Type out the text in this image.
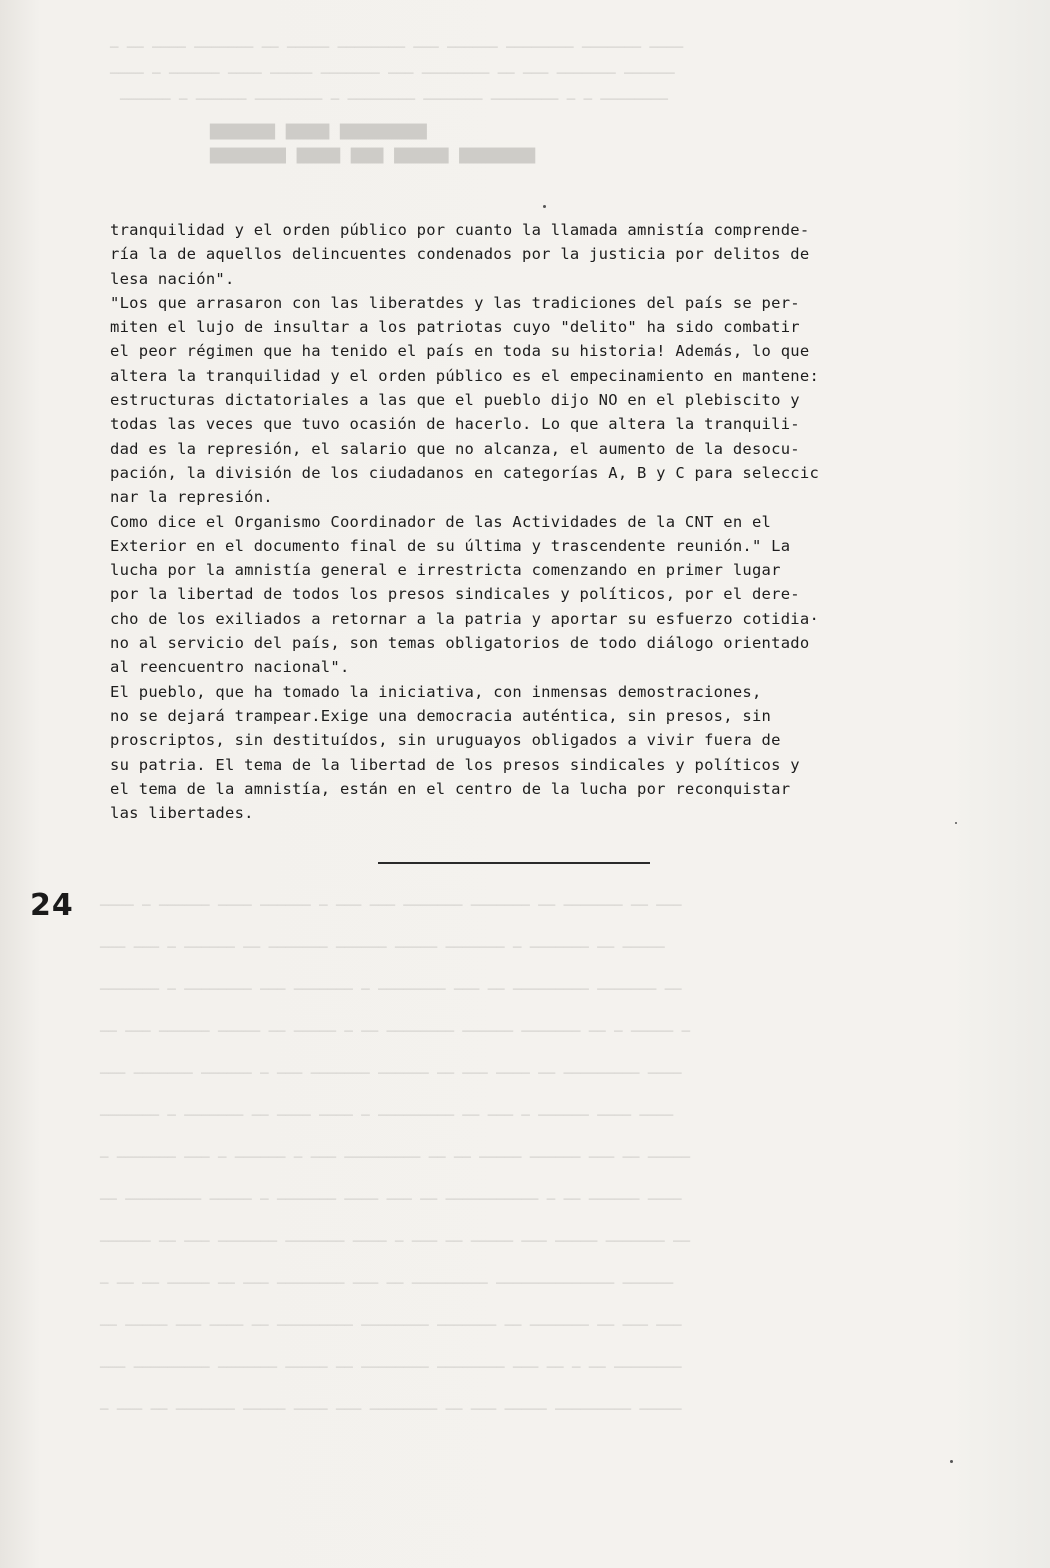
▆▆▆▆▆▆ ▆▆▆▆ ▆▆▆▆▆▆▆▆
▆▆▆▆▆▆▆ ▆▆▆▆ ▆▆▆ ▆▆▆▆▆ ▆▆▆▆▆▆▆
─ ── ──── ─────── ── ───── ──────── ─── ────── ──────── ─────── ────
──── ─ ────── ──── ───── ─────── ─── ──────── ── ─── ─────── ──────
────── ─ ────── ──────── ─ ──────── ─────── ──────── ─ ─ ────────
──── ─ ────── ──── ────── ─ ─── ─── ─────── ─────── ── ─────── ── ───
─── ─── ─ ────── ── ─────── ────── ───── ─────── ─ ─────── ── ─────
─────── ─ ──────── ─── ─────── ─ ──────── ─── ── ───────── ─────── ──
── ─── ────── ───── ── ───── ─ ── ──────── ────── ─────── ── ─ ───── ─
─── ─────── ────── ─ ─── ─────── ────── ── ─── ──── ── ───────── ────
─────── ─ ─────── ── ──── ──── ─ ───────── ── ─── ─ ────── ──── ────
─ ─────── ─── ─ ────── ─ ─── ───────── ── ── ───── ────── ─── ── ─────
── ───────── ───── ─ ─────── ──── ─── ── ─────────── ─ ── ────── ────
────── ── ─── ─────── ─────── ──── ─ ─── ── ───── ─── ───── ─────── ──
─ ── ── ───── ── ─── ──────── ─── ── ───────── ────────────── ──────
── ───── ─── ──── ── ───────── ──────── ─────── ── ─────── ── ─── ───
─── ───────── ─────── ───── ── ──────── ──────── ─── ── ─ ── ────────
─ ─── ── ─────── ───── ──── ─── ──────── ── ─── ───── ───────── ─────
tranquilidad y el orden público por cuanto la llamada amnistía comprende-
ría la de aquellos delincuentes condenados por la justicia por delitos de
lesa nación".
"Los que arrasaron con las liberatdes y las tradiciones del país se per-
miten el lujo de insultar a los patriotas cuyo "delito" ha sido combatir
el peor régimen que ha tenido el país en toda su historia! Además, lo que
altera la tranquilidad y el orden público es el empecinamiento en mantene:
estructuras dictatoriales a las que el pueblo dijo NO en el plebiscito y
todas las veces que tuvo ocasión de hacerlo. Lo que altera la tranquili-
dad es la represión, el salario que no alcanza, el aumento de la desocu-
pación, la división de los ciudadanos en categorías A, B y C para seleccic
nar la represión.
Como dice el Organismo Coordinador de las Actividades de la CNT en el
Exterior en el documento final de su última y trascendente reunión." La
lucha por la amnistía general e irrestricta comenzando en primer lugar
por la libertad de todos los presos sindicales y políticos, por el dere-
cho de los exiliados a retornar a la patria y aportar su esfuerzo cotidia·
no al servicio del país, son temas obligatorios de todo diálogo orientado
al reencuentro nacional".
El pueblo, que ha tomado la iniciativa, con inmensas demostraciones,
no se dejará trampear.Exige una democracia auténtica, sin presos, sin
proscriptos, sin destituídos, sin uruguayos obligados a vivir fuera de
su patria. El tema de la libertad de los presos sindicales y políticos y
el tema de la amnistía, están en el centro de la lucha por reconquistar
las libertades.
24
